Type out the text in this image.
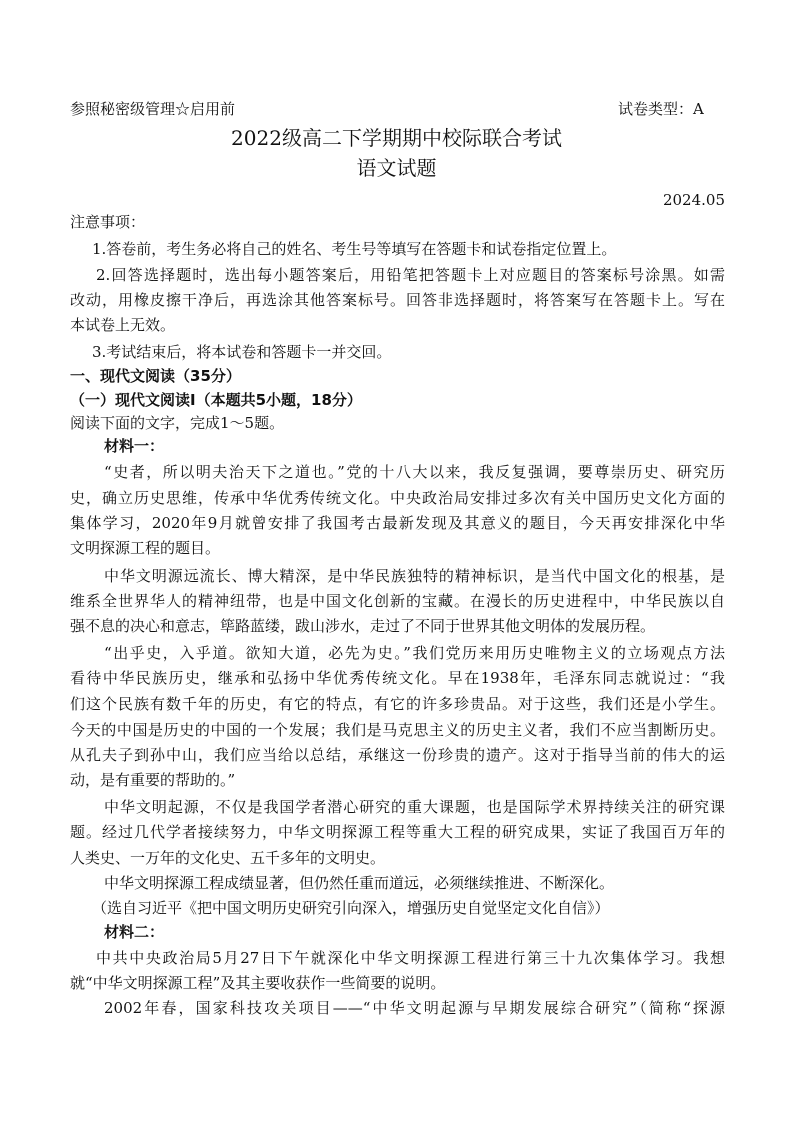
参照秘密级管理☆启用前	试卷类型：A
2022级高二下学期期中校际联合考试
语文试题
2024.05
注意事项：
1.答卷前，考生务必将自己的姓名、考生号等填写在答题卡和试卷指定位置上。
2.回答选择题时，选出每小题答案后，用铅笔把答题卡上对应题目的答案标号涂黑。如需
改动，用橡皮擦干净后，再选涂其他答案标号。回答非选择题时，将答案写在答题卡上。写在
本试卷上无效。
3.考试结束后，将本试卷和答题卡一并交回。
一、现代文阅读（35分）
（一）现代文阅读Ⅰ（本题共5小题，18分）
阅读下面的文字，完成1～5题。
材料一：
“史者，所以明夫治天下之道也。”党的十八大以来，我反复强调，要尊崇历史、研究历
史，确立历史思维，传承中华优秀传统文化。中央政治局安排过多次有关中国历史文化方面的
集体学习，2020年9月就曾安排了我国考古最新发现及其意义的题目，今天再安排深化中华
文明探源工程的题目。
中华文明源远流长、博大精深，是中华民族独特的精神标识，是当代中国文化的根基，是
维系全世界华人的精神纽带，也是中国文化创新的宝藏。在漫长的历史进程中，中华民族以自
强不息的决心和意志，筚路蓝缕，跋山涉水，走过了不同于世界其他文明体的发展历程。
“出乎史，入乎道。欲知大道，必先为史。”我们党历来用历史唯物主义的立场观点方法
看待中华民族历史，继承和弘扬中华优秀传统文化。早在1938年，毛泽东同志就说过：“我
们这个民族有数千年的历史，有它的特点，有它的许多珍贵品。对于这些，我们还是小学生。
今天的中国是历史的中国的一个发展；我们是马克思主义的历史主义者，我们不应当割断历史。
从孔夫子到孙中山，我们应当给以总结，承继这一份珍贵的遗产。这对于指导当前的伟大的运
动，是有重要的帮助的。”
中华文明起源，不仅是我国学者潜心研究的重大课题，也是国际学术界持续关注的研究课
题。经过几代学者接续努力，中华文明探源工程等重大工程的研究成果，实证了我国百万年的
人类史、一万年的文化史、五千多年的文明史。
中华文明探源工程成绩显著，但仍然任重而道远，必须继续推进、不断深化。
（选自习近平《把中国文明历史研究引向深入，增强历史自觉坚定文化自信》）
材料二：
中共中央政治局5月27日下午就深化中华文明探源工程进行第三十九次集体学习。我想
就“中华文明探源工程”及其主要收获作一些简要的说明。
2002年春，国家科技攻关项目——“中华文明起源与早期发展综合研究”（简称“探源
